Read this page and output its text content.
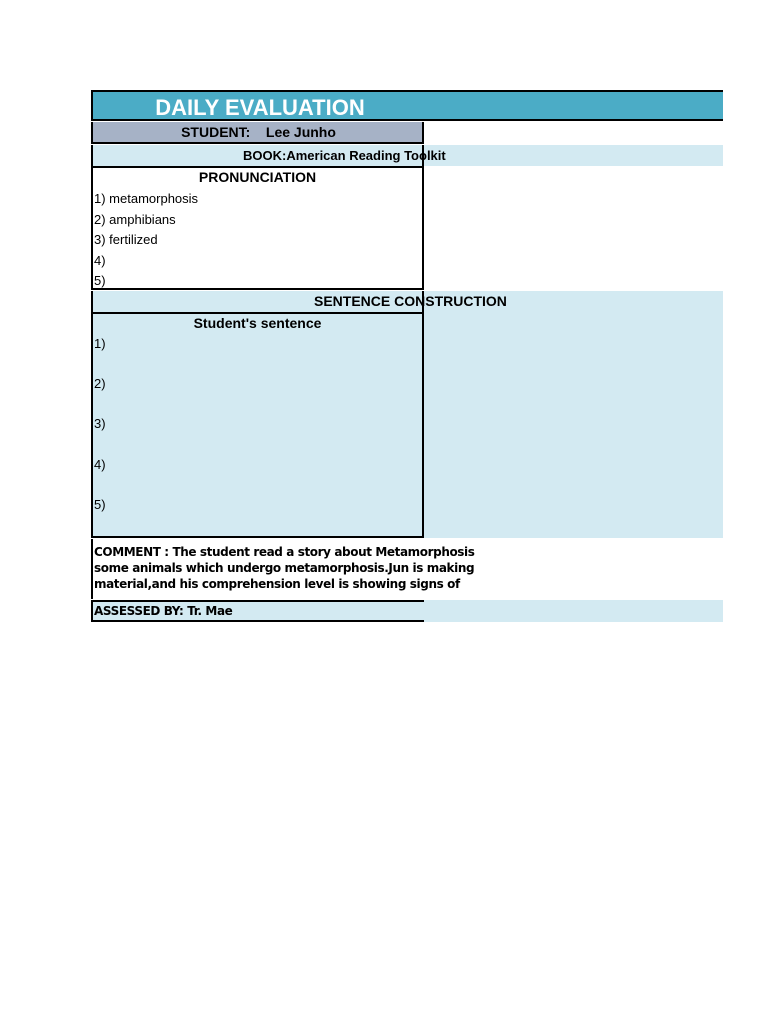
DAILY EVALUATION
STUDENT: Lee Junho
BOOK:American Reading Toolkit
PRONUNCIATION
1) metamorphosis
2) amphibians
3) fertilized
4)
5)
SENTENCE CONSTRUCTION
Student's sentence
1)
2)
3)
4)
5)
COMMENT : The student read a story about Metamorphosis
some animals which undergo metamorphosis.Jun is making
material,and his comprehension level is showing signs of
ASSESSED BY: Tr. Mae
